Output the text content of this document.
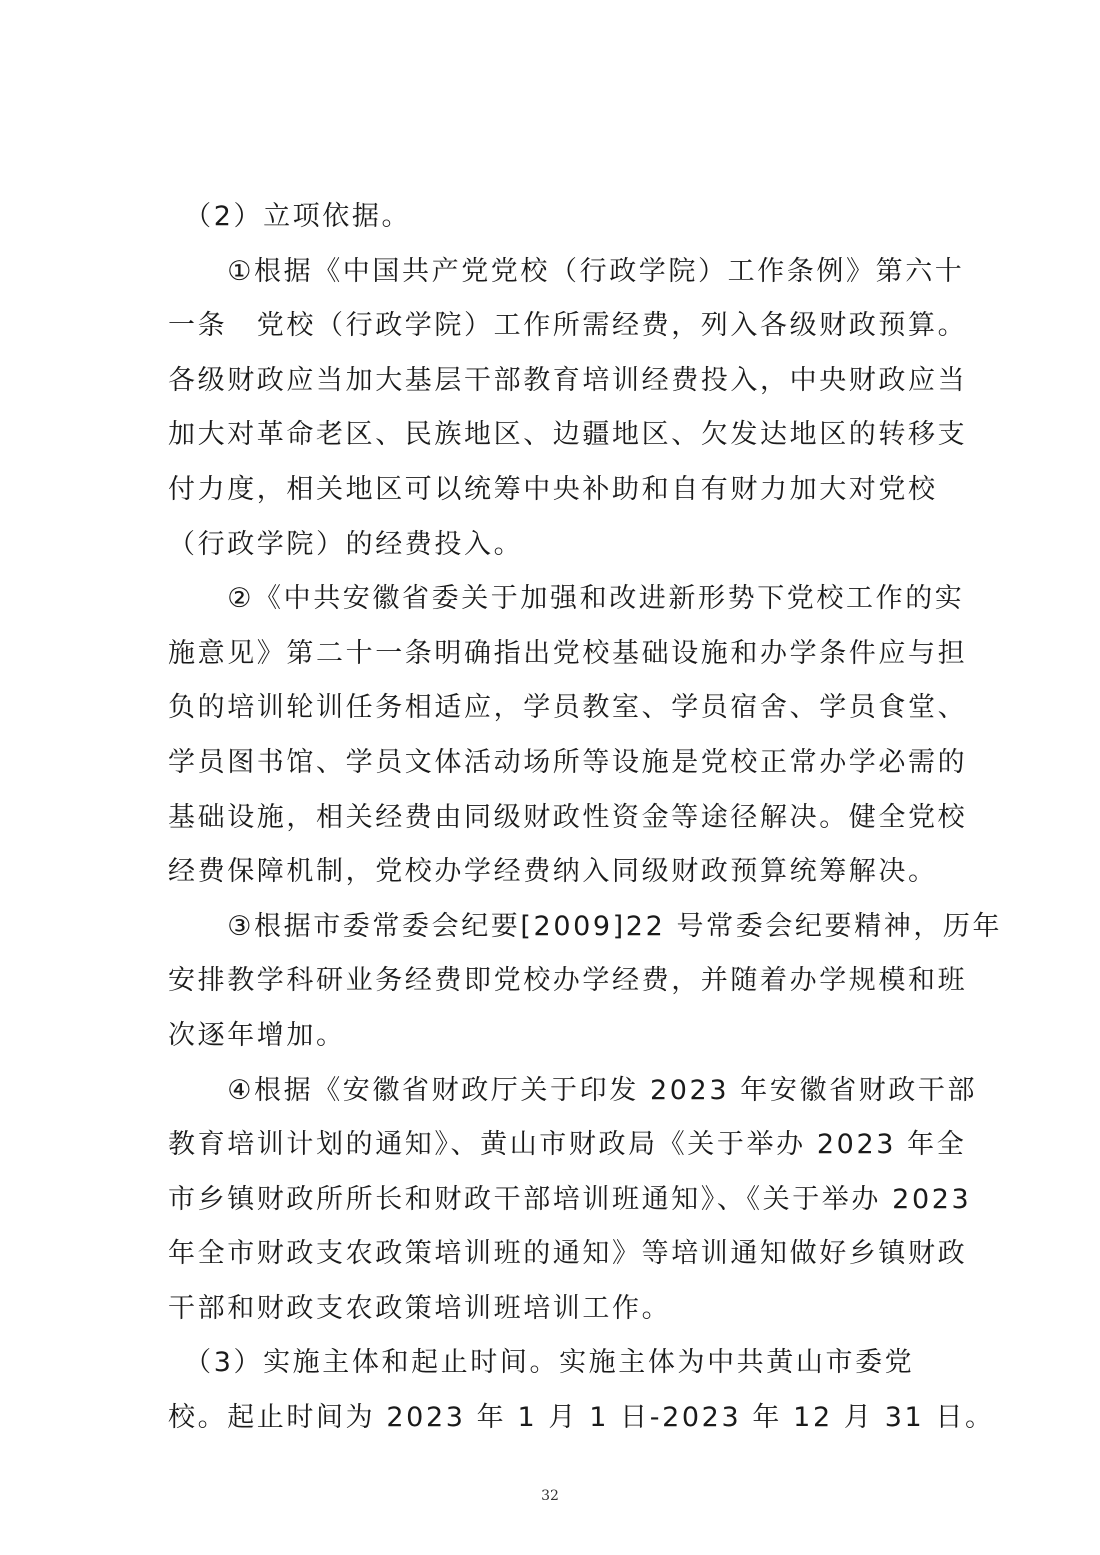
　（2）立项依据。
　　①根据《中国共产党党校（行政学院）工作条例》第六十
一条　党校（行政学院）工作所需经费，列入各级财政预算。
各级财政应当加大基层干部教育培训经费投入，中央财政应当
加大对革命老区、民族地区、边疆地区、欠发达地区的转移支
付力度，相关地区可以统筹中央补助和自有财力加大对党校
（行政学院）的经费投入。
　　②《中共安徽省委关于加强和改进新形势下党校工作的实
施意见》第二十一条明确指出党校基础设施和办学条件应与担
负的培训轮训任务相适应，学员教室、学员宿舍、学员食堂、
学员图书馆、学员文体活动场所等设施是党校正常办学必需的
基础设施，相关经费由同级财政性资金等途径解决。健全党校
经费保障机制，党校办学经费纳入同级财政预算统筹解决。
　　③根据市委常委会纪要[2009]22 号常委会纪要精神，历年
安排教学科研业务经费即党校办学经费，并随着办学规模和班
次逐年增加。
　　④根据《安徽省财政厅关于印发 2023 年安徽省财政干部
教育培训计划的通知》、黄山市财政局《关于举办 2023 年全
市乡镇财政所所长和财政干部培训班通知》、《关于举办 2023
年全市财政支农政策培训班的通知》等培训通知做好乡镇财政
干部和财政支农政策培训班培训工作。
　（3）实施主体和起止时间。实施主体为中共黄山市委党
校。起止时间为 2023 年 1 月 1 日-2023 年 12 月 31 日。
32
